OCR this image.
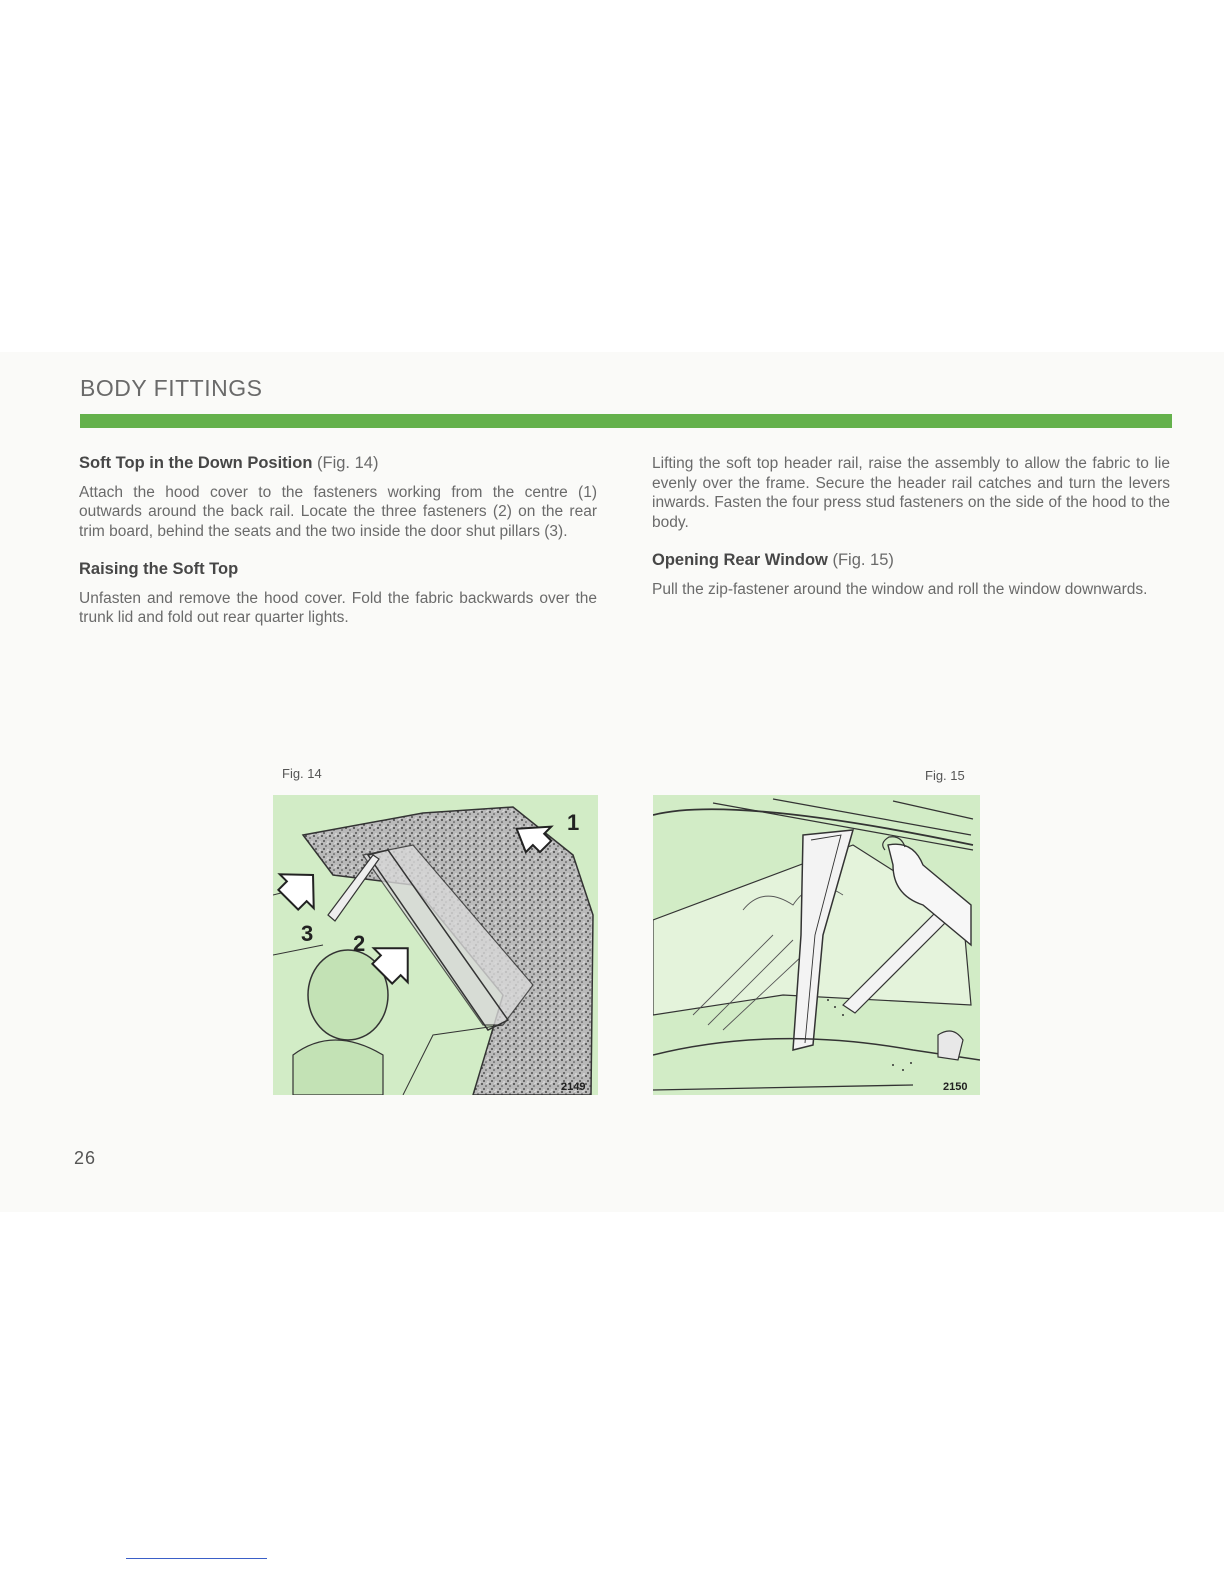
BODY FITTINGS
Soft Top in the Down Position (Fig. 14)

Attach the hood cover to the fasteners working from the centre (1) outwards around the back rail. Locate the three fasteners (2) on the rear trim board, behind the seats and the two inside the door shut pillars (3).

Raising the Soft Top

Unfasten and remove the hood cover. Fold the fabric backwards over the trunk lid and fold out rear quarter lights.

Lifting the soft top header rail, raise the assembly to allow the fabric to lie evenly over the frame. Secure the header rail catches and turn the levers inwards. Fasten the four press stud fasteners on the side of the hood to the body.

Opening Rear Window (Fig. 15)

Pull the zip-fastener around the window and roll the window downwards.

Fig. 14
1
3 2
2149
Fig. 15
2150
26
